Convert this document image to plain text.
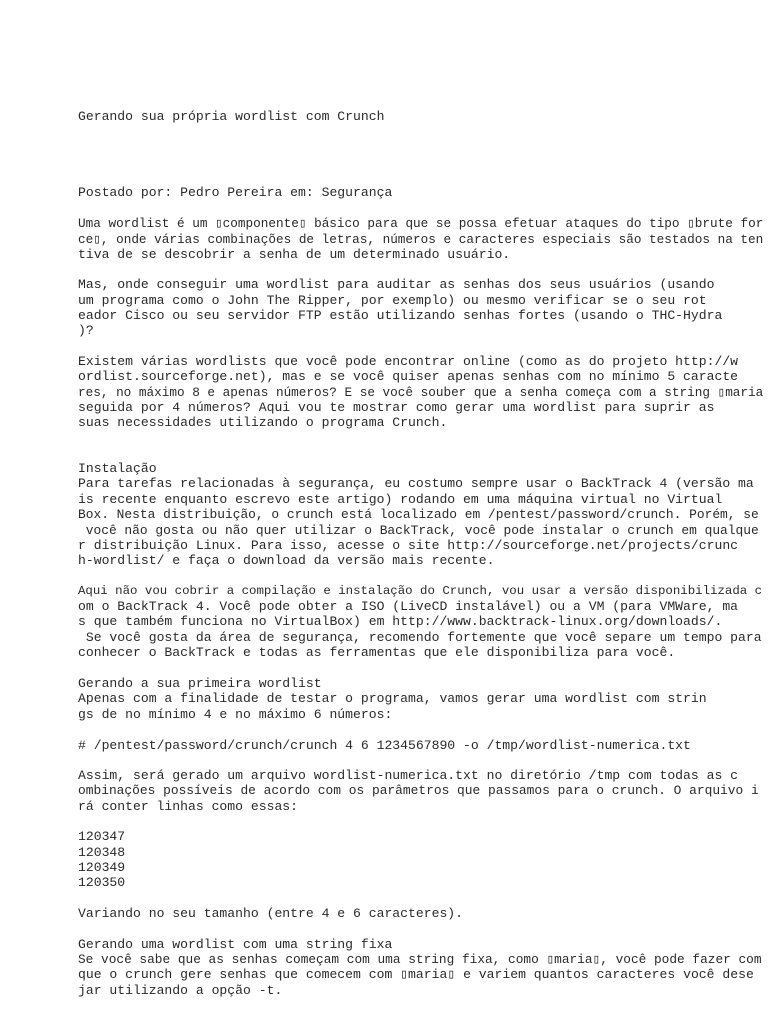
Gerando sua própria wordlist com Crunch
Postado por: Pedro Pereira em: Segurança
Uma wordlist é um ▯componente▯ básico para que se possa efetuar ataques do tipo ▯brute for
ce▯, onde várias combinações de letras, números e caracteres especiais são testados na ten
tiva de se descobrir a senha de um determinado usuário.
Mas, onde conseguir uma wordlist para auditar as senhas dos seus usuários (usando
um programa como o John The Ripper, por exemplo) ou mesmo verificar se o seu rot
eador Cisco ou seu servidor FTP estão utilizando senhas fortes (usando o THC-Hydra
)?
Existem várias wordlists que você pode encontrar online (como as do projeto http://w
ordlist.sourceforge.net), mas e se você quiser apenas senhas com no mínimo 5 caracte
res, no máximo 8 e apenas números? E se você souber que a senha começa com a string ▯maria
seguida por 4 números? Aqui vou te mostrar como gerar uma wordlist para suprir as
suas necessidades utilizando o programa Crunch.
Instalação
Para tarefas relacionadas à segurança, eu costumo sempre usar o BackTrack 4 (versão ma
is recente enquanto escrevo este artigo) rodando em uma máquina virtual no Virtual
Box. Nesta distribuição, o crunch está localizado em /pentest/password/crunch. Porém, se
você não gosta ou não quer utilizar o BackTrack, você pode instalar o crunch em qualque
r distribuição Linux. Para isso, acesse o site http://sourceforge.net/projects/crunc
h-wordlist/ e faça o download da versão mais recente.
Aqui não vou cobrir a compilação e instalação do Crunch, vou usar a versão disponibilizada c
om o BackTrack 4. Você pode obter a ISO (LiveCD instalável) ou a VM (para VMWare, ma
s que também funciona no VirtualBox) em http://www.backtrack-linux.org/downloads/.
Se você gosta da área de segurança, recomendo fortemente que você separe um tempo para
conhecer o BackTrack e todas as ferramentas que ele disponibiliza para você.
Gerando a sua primeira wordlist
Apenas com a finalidade de testar o programa, vamos gerar uma wordlist com strin
gs de no mínimo 4 e no máximo 6 números:
# /pentest/password/crunch/crunch 4 6 1234567890 -o /tmp/wordlist-numerica.txt
Assim, será gerado um arquivo wordlist-numerica.txt no diretório /tmp com todas as c
ombinações possíveis de acordo com os parâmetros que passamos para o crunch. O arquivo i
rá conter linhas como essas:
120347
120348
120349
120350
Variando no seu tamanho (entre 4 e 6 caracteres).
Gerando uma wordlist com uma string fixa
Se você sabe que as senhas começam com uma string fixa, como ▯maria▯, você pode fazer com
que o crunch gere senhas que comecem com ▯maria▯ e variem quantos caracteres você dese
jar utilizando a opção -t.
